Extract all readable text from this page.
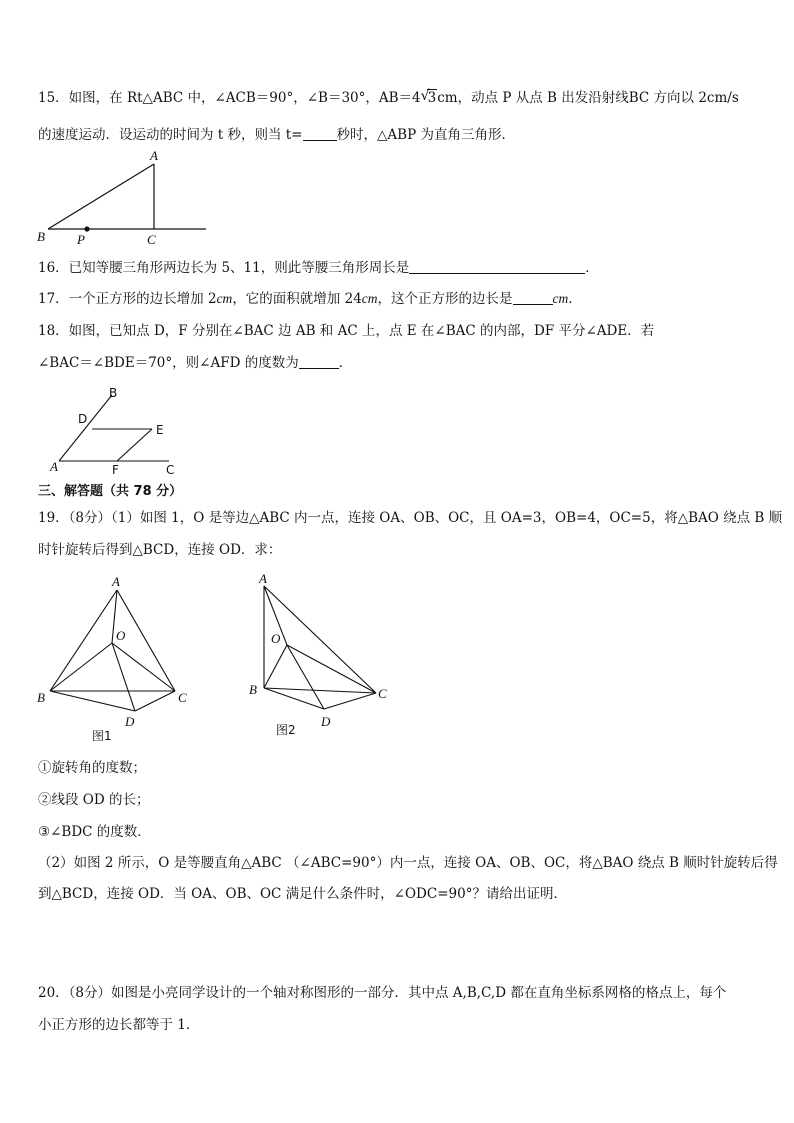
15．如图，在 Rt△ABC 中，∠ACB＝90°，∠B＝30°，AB＝4 √
3cm，动点 P 从点 B 出发沿射线BC 方向以 2cm/s
的速度运动．设运动的时间为 t 秒，则当 t=	秒时，△ABP 为直角三角形．
A
B P	C
16．已知等腰三角形两边长为 5、11，则此等腰三角形周长是	．
17．一个正方形的边长增加 2cm，它的面积就增加 24cm，这个正方形的边长是	cm．
18．如图，已知点 D，F 分别在∠BAC 边 AB 和 AC 上，点 E 在∠BAC 的内部，DF 平分∠ADE．若
∠BAC＝∠BDE＝70°，则∠AFD 的度数为	．
B
D
E
A	F	C
三、解答题（共 78 分）
19．（8分）（1）如图 1，O 是等边△ABC 内一点，连接 OA、OB、OC，且 OA=3，OB=4，OC=5，将△BAO 绕点 B 顺
时针旋转后得到△BCD，连接 OD．求：
A
O
B	C
D
图1
A
O
B	C
D
图2
①旋转角的度数；
②线段 OD 的长；
③∠BDC 的度数．
（2）如图 2 所示，O 是等腰直角△ABC （∠ABC=90°）内一点，连接 OA、OB、OC，将△BAO 绕点 B 顺时针旋转后得
到△BCD，连接 OD．当 OA、OB、OC 满足什么条件时，∠ODC=90°？请给出证明．
20．（8分）如图是小亮同学设计的一个轴对称图形的一部分．其中点 A,B,C,D 都在直角坐标系网格的格点上，每个
小正方形的边长都等于 1．
